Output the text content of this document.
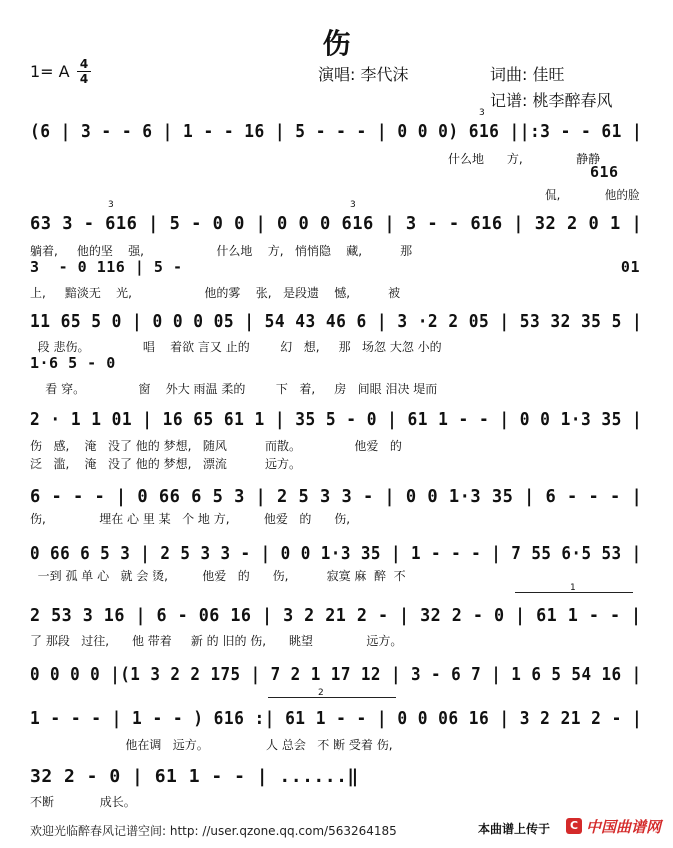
伤
1= A 4
4	演唱: 李代沫	词曲: 佳旺
记谱: 桃李醉春风
(6 | 3 - - 6 | 1 - - 16 | 5 - - - | 0 0 0) 616 ||:3 - - 61 |
什么地      方,              静静
616
侃,            他的脸
3
63 3 - 616 | 5 - 0 0 | 0 0 0 616 | 3 - - 616 | 32 2 0 1 |
躺着,     他的坚    强,                   什么地    方,   悄悄隐    藏,          那
3  - 0 116 | 5 -                                              01
上,     黯淡无    光,                   他的雾    张,   是段遗    憾,          被
3	3
11 65 5 0 | 0 0 0 05 | 54 43 46 6 | 3 ·2 2 05 | 53 32 35 5 |
段 悲伤。              唱    着欲 言又 止的        幻   想,     那   场忽 大忽 小的
1·6 5 - 0
看 穿。              窗    外大 雨温 柔的        下   着,     房   间眼 泪决 堤而
2 · 1 1 01 | 16 65 61 1 | 35 5 - 0 | 61 1 - - | 0 0 1·3 35 |
伤   感,    淹   没了 他的 梦想,   随风          而散。              他爱   的
泛   滥,    淹   没了 他的 梦想,   漂流          远方。
6 - - - | 0 66 6 5 3 | 2 5 3 3 - | 0 0 1·3 35 | 6 - - - |
伤,              埋在 心 里 某   个 地 方,         他爱   的      伤,
0 66 6 5 3 | 2 5 3 3 - | 0 0 1·3 35 | 1 - - - | 7 55 6·5 53 |
一到 孤 单 心   就 会 烫,         他爱   的      伤,          寂寞 麻  醉  不
2 53 3 16 | 6 - 06 16 | 3 2 21 2 - | 32 2 - 0 | 61 1 - - |
了 那段   过往,      他 带着     新 的 旧的 伤,      眺望              远方。
1
0 0 0 0 |(1 3 2 2 175 | 7 2 1 17 12 | 3 - 6 7 | 1 6 5 54 16 |
1 - - - | 1 - - ) 616 :| 61 1 - - | 0 0 06 16 | 3 2 21 2 - |
他在调   远方。               人 总会   不 断 受着 伤,
2
32 2 - 0 | 61 1 - - | ......‖
不断            成长。
欢迎光临醉春风记谱空间: http: //user.qzone.qq.com/563264185	本曲谱上传于	C 中国曲谱网
